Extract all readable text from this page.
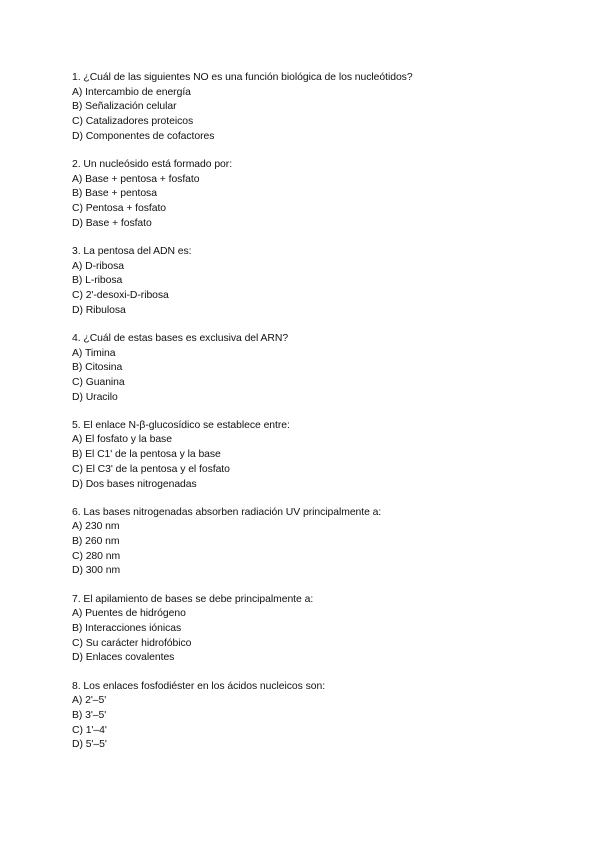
1. ¿Cuál de las siguientes NO es una función biológica de los nucleótidos?
A) Intercambio de energía
B) Señalización celular
C) Catalizadores proteicos
D) Componentes de cofactores
2. Un nucleósido está formado por:
A) Base + pentosa + fosfato
B) Base + pentosa
C) Pentosa + fosfato
D) Base + fosfato
3. La pentosa del ADN es:
A) D-ribosa
B) L-ribosa
C) 2'-desoxi-D-ribosa
D) Ribulosa
4. ¿Cuál de estas bases es exclusiva del ARN?
A) Timina
B) Citosina
C) Guanina
D) Uracilo
5. El enlace N-β-glucosídico se establece entre:
A) El fosfato y la base
B) El C1' de la pentosa y la base
C) El C3' de la pentosa y el fosfato
D) Dos bases nitrogenadas
6. Las bases nitrogenadas absorben radiación UV principalmente a:
A) 230 nm
B) 260 nm
C) 280 nm
D) 300 nm
7. El apilamiento de bases se debe principalmente a:
A) Puentes de hidrógeno
B) Interacciones iónicas
C) Su carácter hidrofóbico
D) Enlaces covalentes
8. Los enlaces fosfodiéster en los ácidos nucleicos son:
A) 2'–5'
B) 3'–5'
C) 1'–4'
D) 5'–5'
